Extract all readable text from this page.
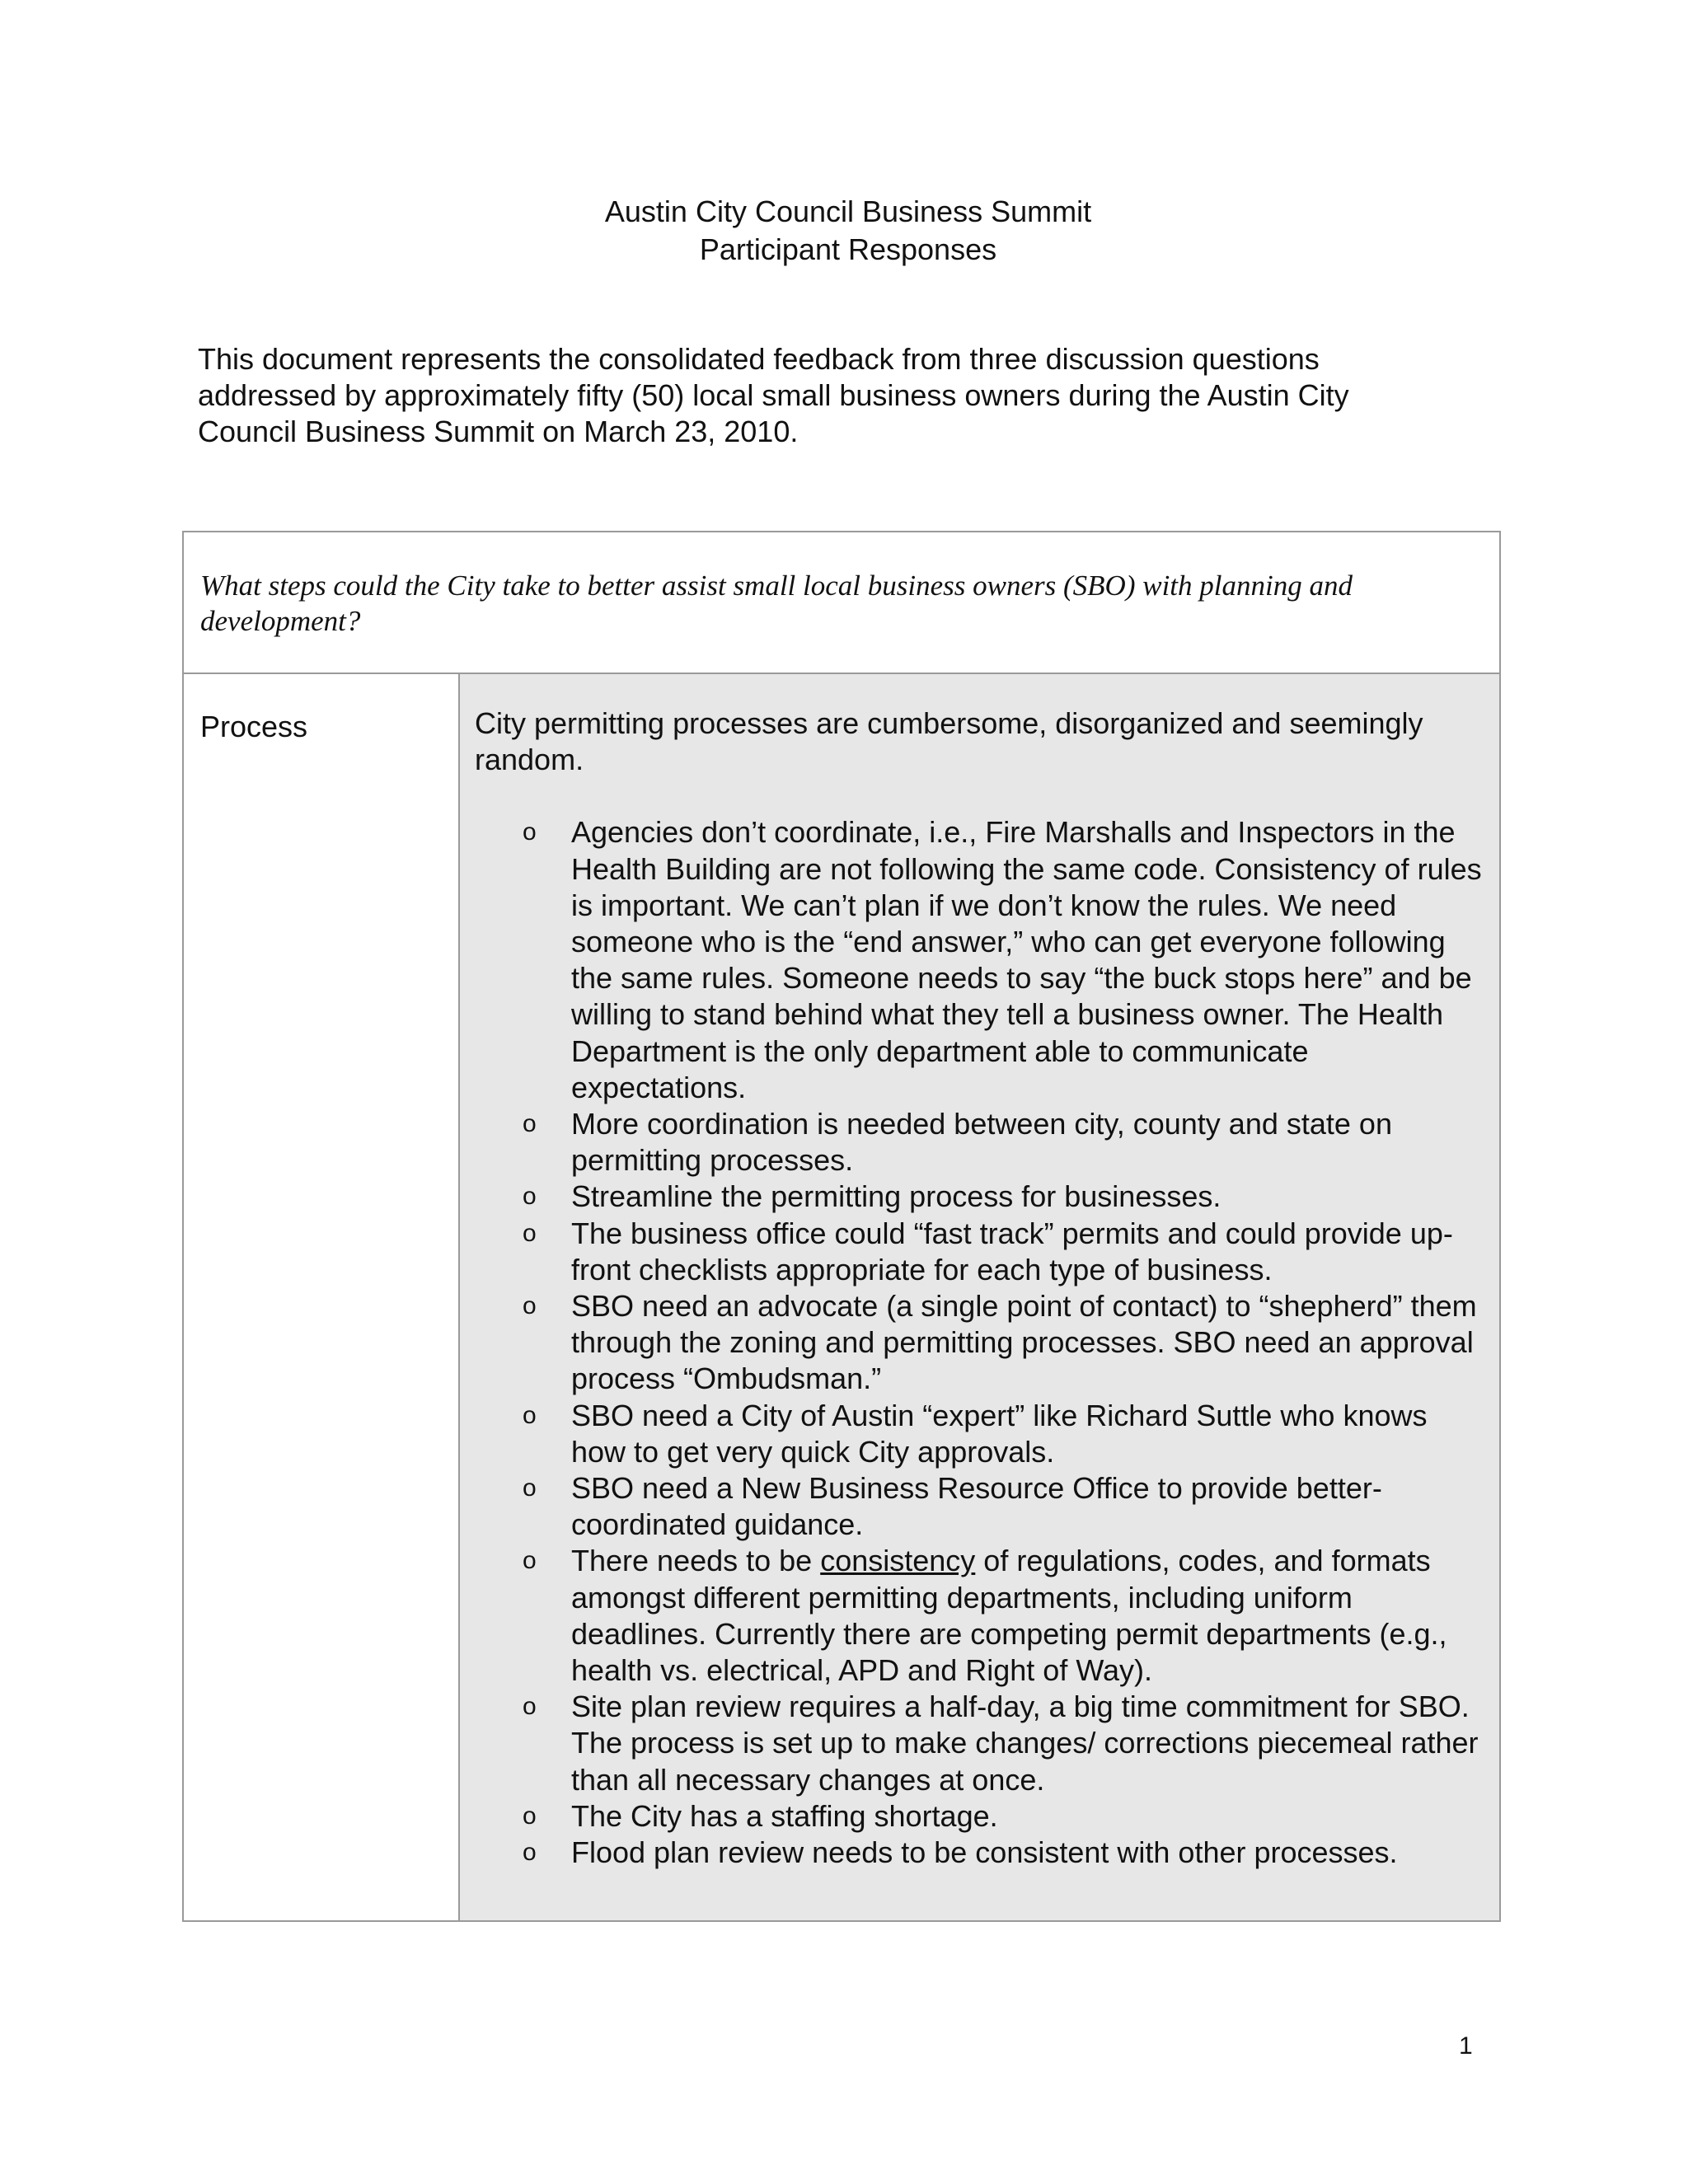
Austin City Council Business Summit
Participant Responses

This document represents the consolidated feedback from three discussion questions addressed by approximately fifty (50) local small business owners during the Austin City Council Business Summit on March 23, 2010.

What steps could the City take to better assist small local business owners (SBO) with planning and development?
Process	City permitting processes are cumbersome, disorganized and seemingly random.

o Agencies don’t coordinate, i.e., Fire Marshalls and Inspectors in the Health Building are not following the same code. Consistency of rules is important. We can’t plan if we don’t know the rules. We need someone who is the “end answer,” who can get everyone following the same rules. Someone needs to say “the buck stops here” and be willing to stand behind what they tell a business owner. The Health Department is the only department able to communicate expectations.
o More coordination is needed between city, county and state on permitting processes.
o Streamline the permitting process for businesses.
o The business office could “fast track” permits and could provide up-front checklists appropriate for each type of business.
o SBO need an advocate (a single point of contact) to “shepherd” them through the zoning and permitting processes. SBO need an approval process “Ombudsman.”
o SBO need a City of Austin “expert” like Richard Suttle who knows how to get very quick City approvals.
o SBO need a New Business Resource Office to provide better-coordinated guidance.
o There needs to be consistency of regulations, codes, and formats amongst different permitting departments, including uniform deadlines. Currently there are competing permit departments (e.g., health vs. electrical, APD and Right of Way).
o Site plan review requires a half-day, a big time commitment for SBO. The process is set up to make changes/ corrections piecemeal rather than all necessary changes at once.
o The City has a staffing shortage.
o Flood plan review needs to be consistent with other processes.
1
